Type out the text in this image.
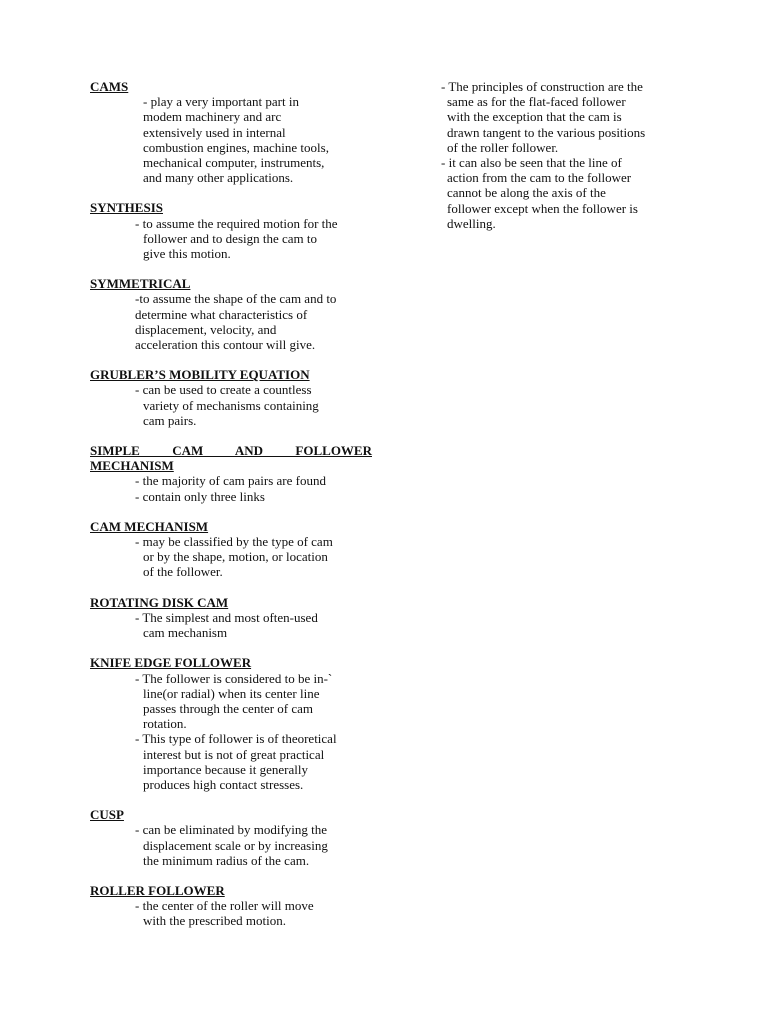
CAMS

- play a very important part in

modem machinery and arc

extensively used in internal

combustion engines, machine tools,

mechanical computer, instruments,

and many other applications.

SYNTHESIS

- to assume the required motion for the

follower and to design the cam to

give this motion.

SYMMETRICAL

-to assume the shape of the cam and to

determine what characteristics of

displacement, velocity, and

acceleration this contour will give.

GRUBLER’S MOBILITY EQUATION

- can be used to create a countless

variety of mechanisms containing

cam pairs.

SIMPLE CAM AND FOLLOWER

MECHANISM

- the majority of cam pairs are found

- contain only three links

CAM MECHANISM

- may be classified by the type of cam

or by the shape, motion, or location

of the follower.

ROTATING DISK CAM

- The simplest and most often-used

cam mechanism

KNIFE EDGE FOLLOWER

- The follower is considered to be in-`

line(or radial) when its center line

passes through the center of cam

rotation.

- This type of follower is of theoretical

interest but is not of great practical

importance because it generally

produces high contact stresses.

CUSP

- can be eliminated by modifying the

displacement scale or by increasing

the minimum radius of the cam.

ROLLER FOLLOWER

- the center of the roller will move

with the prescribed motion.

- The principles of construction are the

same as for the flat-faced follower

with the exception that the cam is

drawn tangent to the various positions

of the roller follower.

- it can also be seen that the line of

action from the cam to the follower

cannot be along the axis of the

follower except when the follower is

dwelling.
